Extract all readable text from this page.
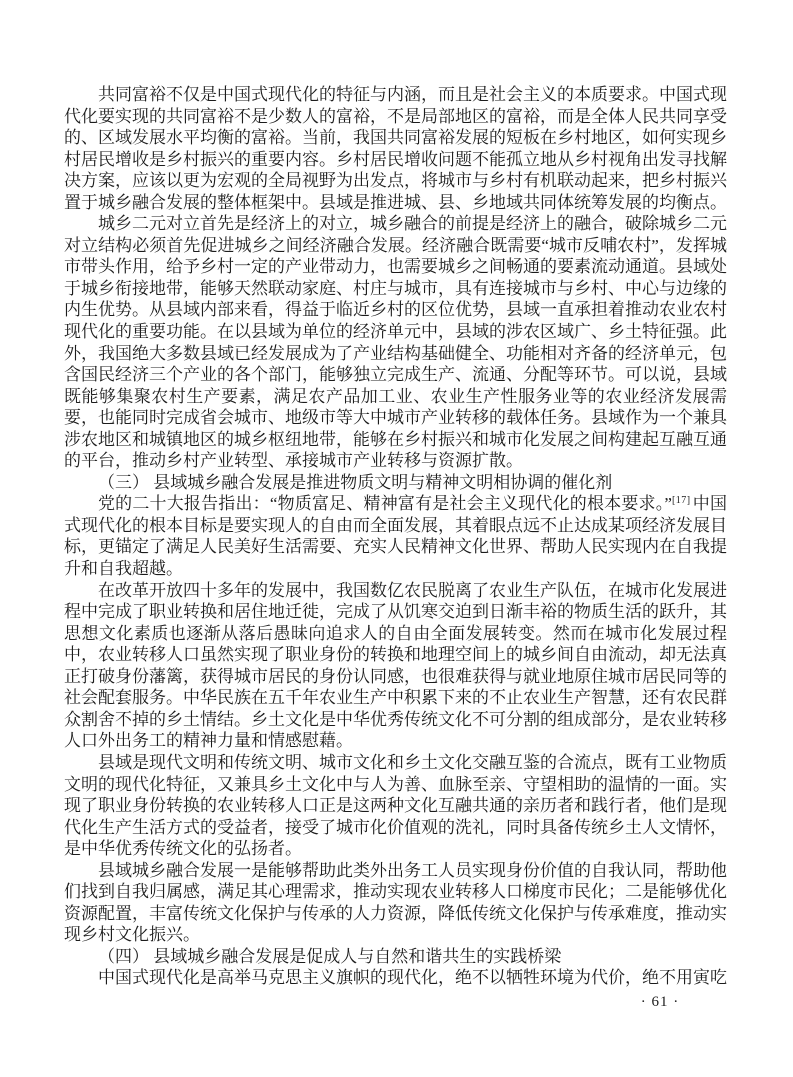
共同富裕不仅是中国式现代化的特征与内涵，而且是社会主义的本质要求。中国式现代化要实现的共同富裕不是少数人的富裕，不是局部地区的富裕，而是全体人民共同享受的、区域发展水平均衡的富裕。当前，我国共同富裕发展的短板在乡村地区，如何实现乡村居民增收是乡村振兴的重要内容。乡村居民增收问题不能孤立地从乡村视角出发寻找解决方案，应该以更为宏观的全局视野为出发点，将城市与乡村有机联动起来，把乡村振兴置于城乡融合发展的整体框架中。县域是推进城、县、乡地域共同体统筹发展的均衡点。

城乡二元对立首先是经济上的对立，城乡融合的前提是经济上的融合，破除城乡二元对立结构必须首先促进城乡之间经济融合发展。经济融合既需要“城市反哺农村”，发挥城市带头作用，给予乡村一定的产业带动力，也需要城乡之间畅通的要素流动通道。县域处于城乡衔接地带，能够天然联动家庭、村庄与城市，具有连接城市与乡村、中心与边缘的内生优势。从县域内部来看，得益于临近乡村的区位优势，县域一直承担着推动农业农村现代化的重要功能。在以县域为单位的经济单元中，县域的涉农区域广、乡土特征强。此外，我国绝大多数县域已经发展成为了产业结构基础健全、功能相对齐备的经济单元，包含国民经济三个产业的各个部门，能够独立完成生产、流通、分配等环节。可以说，县域既能够集聚农村生产要素，满足农产品加工业、农业生产性服务业等的农业经济发展需要，也能同时完成省会城市、地级市等大中城市产业转移的载体任务。县域作为一个兼具涉农地区和城镇地区的城乡枢纽地带，能够在乡村振兴和城市化发展之间构建起互融互通的平台，推动乡村产业转型、承接城市产业转移与资源扩散。

（三） 县域城乡融合发展是推进物质文明与精神文明相协调的催化剂

党的二十大报告指出：“物质富足、精神富有是社会主义现代化的根本要求。”[17] 中国式现代化的根本目标是要实现人的自由而全面发展，其着眼点远不止达成某项经济发展目标，更锚定了满足人民美好生活需要、充实人民精神文化世界、帮助人民实现内在自我提升和自我超越。

在改革开放四十多年的发展中，我国数亿农民脱离了农业生产队伍，在城市化发展进程中完成了职业转换和居住地迁徙，完成了从饥寒交迫到日渐丰裕的物质生活的跃升，其思想文化素质也逐渐从落后愚昧向追求人的自由全面发展转变。然而在城市化发展过程中，农业转移人口虽然实现了职业身份的转换和地理空间上的城乡间自由流动，却无法真正打破身份藩篱，获得城市居民的身份认同感，也很难获得与就业地原住城市居民同等的社会配套服务。中华民族在五千年农业生产中积累下来的不止农业生产智慧，还有农民群众割舍不掉的乡土情结。乡土文化是中华优秀传统文化不可分割的组成部分，是农业转移人口外出务工的精神力量和情感慰藉。

县域是现代文明和传统文明、城市文化和乡土文化交融互鉴的合流点，既有工业物质文明的现代化特征，又兼具乡土文化中与人为善、血脉至亲、守望相助的温情的一面。实现了职业身份转换的农业转移人口正是这两种文化互融共通的亲历者和践行者，他们是现代化生产生活方式的受益者，接受了城市化价值观的洗礼，同时具备传统乡土人文情怀，是中华优秀传统文化的弘扬者。

县域城乡融合发展一是能够帮助此类外出务工人员实现身份价值的自我认同，帮助他们找到自我归属感，满足其心理需求，推动实现农业转移人口梯度市民化；二是能够优化资源配置，丰富传统文化保护与传承的人力资源，降低传统文化保护与传承难度，推动实现乡村文化振兴。

（四） 县域城乡融合发展是促成人与自然和谐共生的实践桥梁

中国式现代化是高举马克思主义旗帜的现代化，绝不以牺牲环境为代价，绝不用寅吃

· 61 ·
